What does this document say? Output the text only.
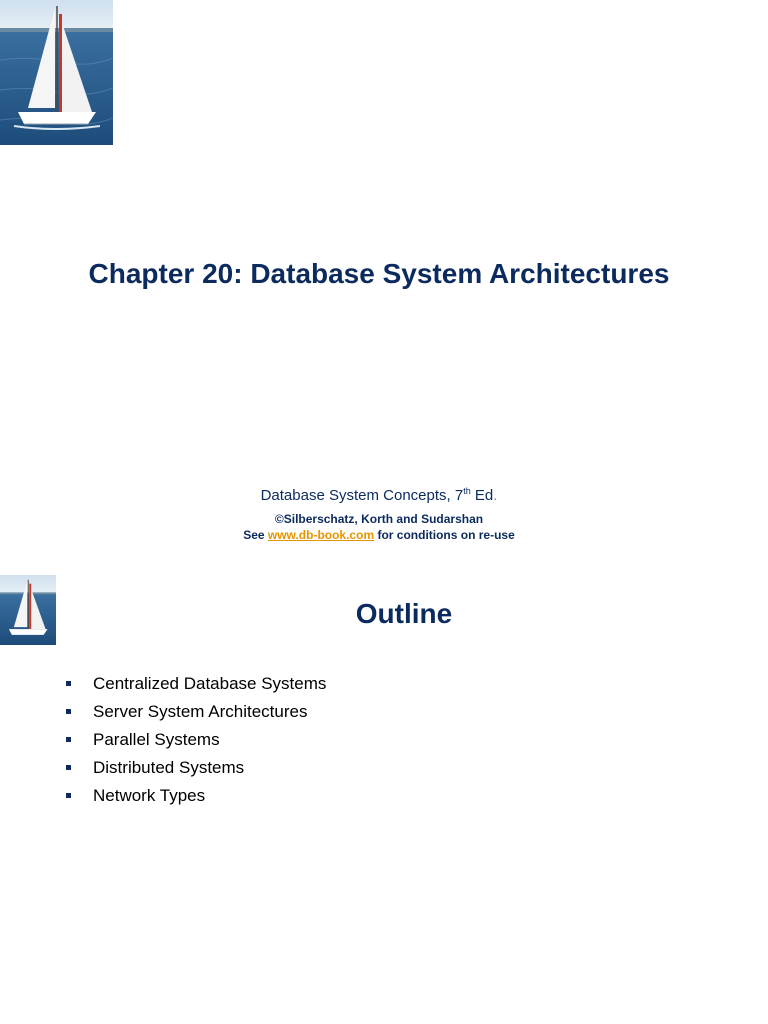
Chapter 20: Database System Architectures
Database System Concepts, 7th Ed.
©Silberschatz, Korth and Sudarshan
See www.db-book.com for conditions on re-use
Outline
Centralized Database Systems
Server System Architectures
Parallel Systems
Distributed Systems
Network Types
